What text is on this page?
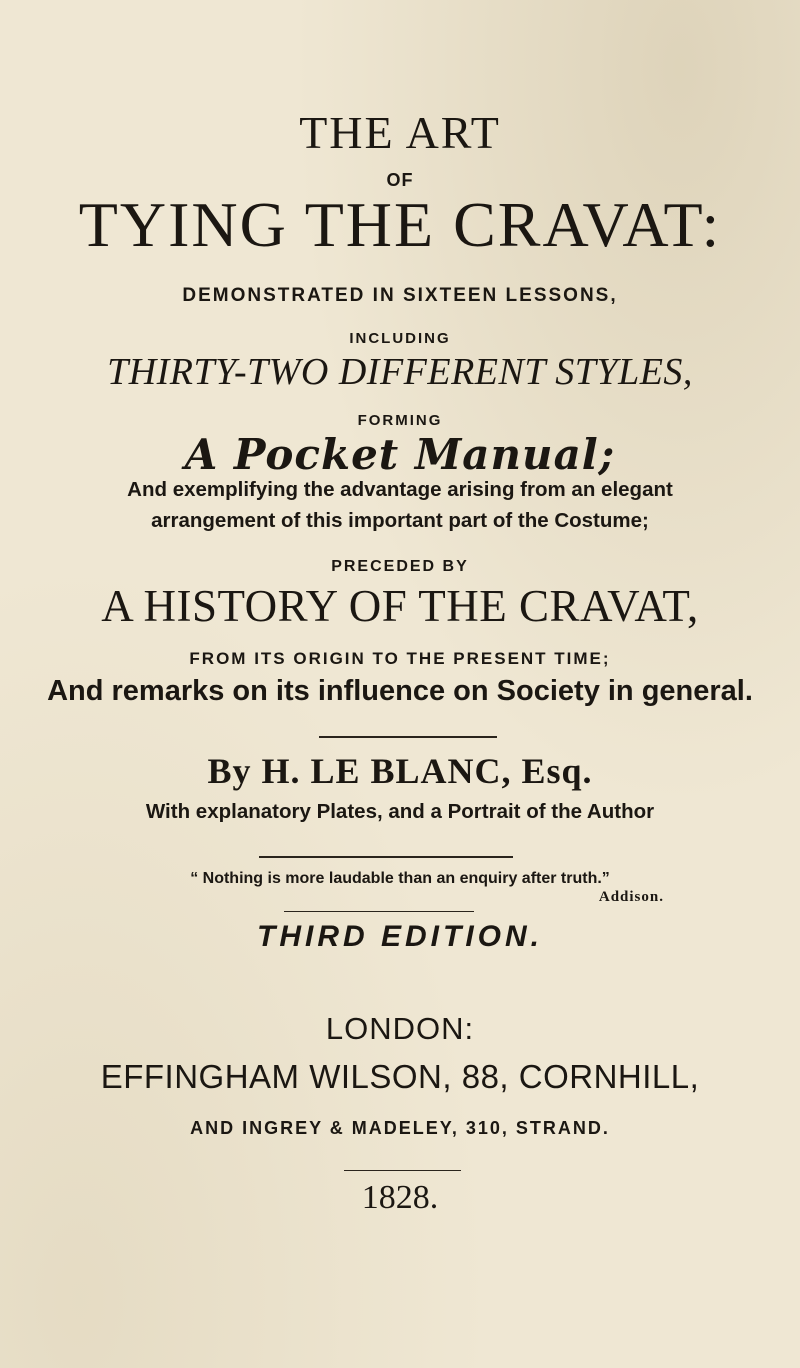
THE ART

OF

TYING THE CRAVAT:

DEMONSTRATED IN SIXTEEN LESSONS,

INCLUDING

THIRTY-TWO DIFFERENT STYLES,

FORMING

A Pocket Manual;

And exemplifying the advantage arising from an elegant

arrangement of this important part of the Costume;

PRECEDED BY

A HISTORY OF THE CRAVAT,

FROM ITS ORIGIN TO THE PRESENT TIME;

And remarks on its influence on Society in general.

By H. LE BLANC, Esq.

With explanatory Plates, and a Portrait of the Author

“ Nothing is more laudable than an enquiry after truth.”

Addison.

THIRD EDITION.

LONDON:

EFFINGHAM WILSON, 88, CORNHILL,

AND INGREY & MADELEY, 310, STRAND.

1828.
